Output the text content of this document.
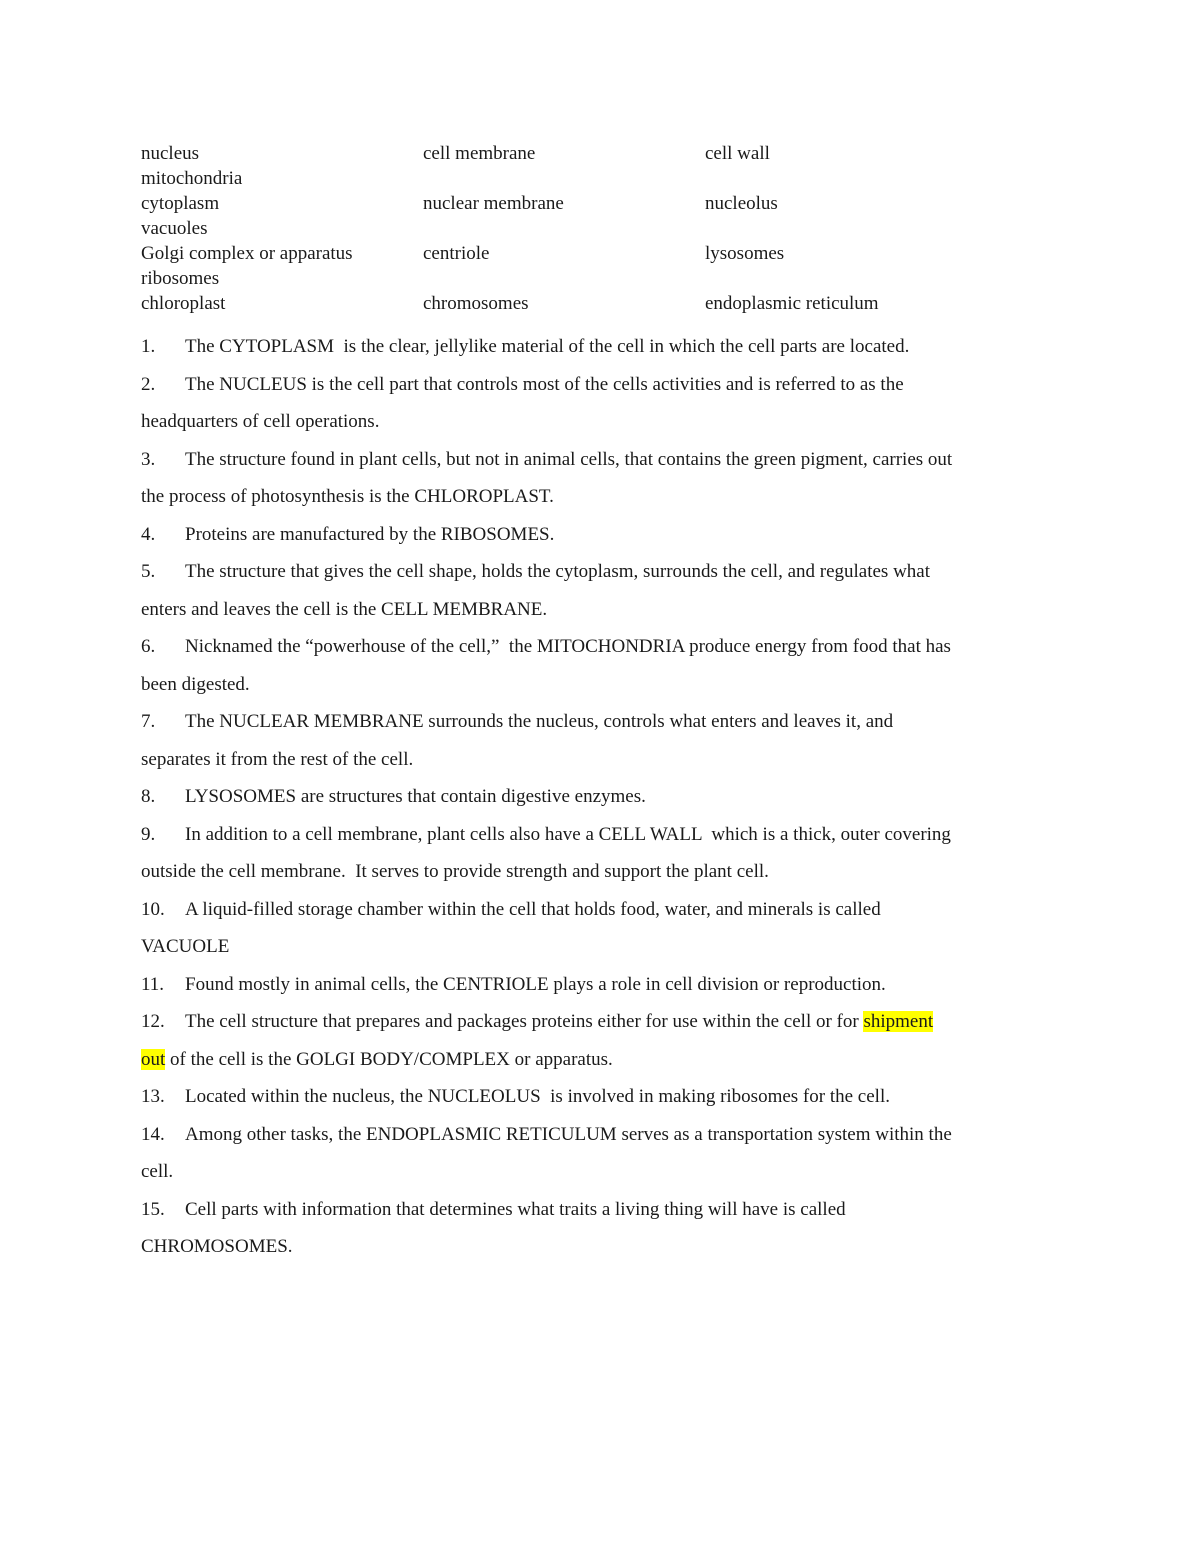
nucleus	cell membrane	cell wall
mitochondria
cytoplasm	nuclear membrane	nucleolus
vacuoles
Golgi complex or apparatus	centriole	lysosomes
ribosomes
chloroplast	chromosomes	endoplasmic reticulum
1. The CYTOPLASM  is the clear, jellylike material of the cell in which the cell parts are located.
2. The NUCLEUS is the cell part that controls most of the cells activities and is referred to as the
headquarters of cell operations.
3. The structure found in plant cells, but not in animal cells, that contains the green pigment, carries out
the process of photosynthesis is the CHLOROPLAST.
4. Proteins are manufactured by the RIBOSOMES.
5. The structure that gives the cell shape, holds the cytoplasm, surrounds the cell, and regulates what
enters and leaves the cell is the CELL MEMBRANE.
6. Nicknamed the “powerhouse of the cell,”  the MITOCHONDRIA produce energy from food that has
been digested.
7. The NUCLEAR MEMBRANE surrounds the nucleus, controls what enters and leaves it, and
separates it from the rest of the cell.
8. LYSOSOMES are structures that contain digestive enzymes.
9. In addition to a cell membrane, plant cells also have a CELL WALL  which is a thick, outer covering
outside the cell membrane.  It serves to provide strength and support the plant cell.
10. A liquid-filled storage chamber within the cell that holds food, water, and minerals is called
VACUOLE
11. Found mostly in animal cells, the CENTRIOLE plays a role in cell division or reproduction.
12. The cell structure that prepares and packages proteins either for use within the cell or for shipment
out of the cell is the GOLGI BODY/COMPLEX or apparatus.
13. Located within the nucleus, the NUCLEOLUS  is involved in making ribosomes for the cell.
14. Among other tasks, the ENDOPLASMIC RETICULUM serves as a transportation system within the
cell.
15. Cell parts with information that determines what traits a living thing will have is called
CHROMOSOMES.
